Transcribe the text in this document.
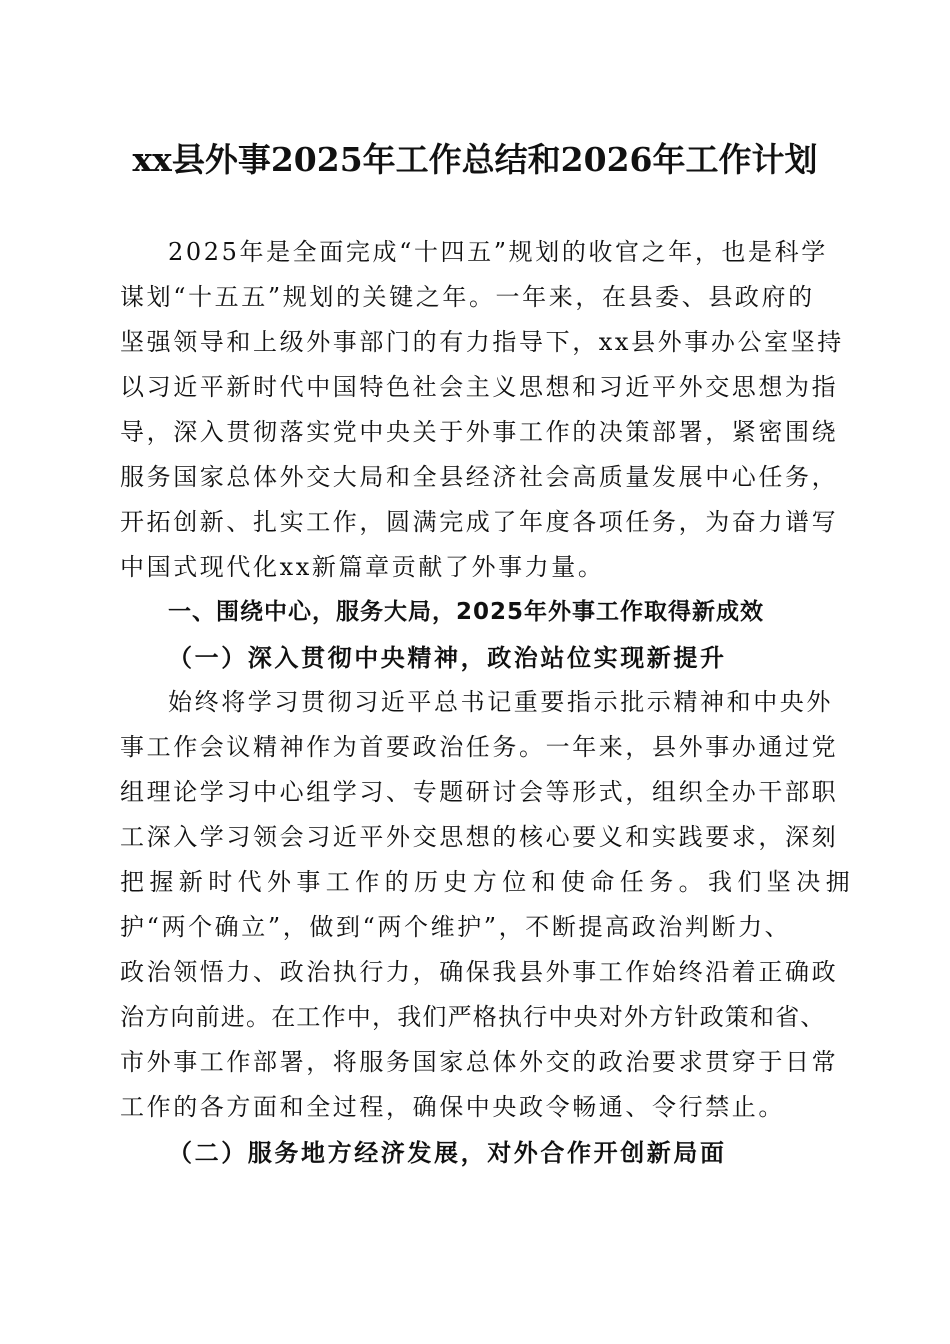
xx县外事2025年工作总结和2026年工作计划

2025年是全面完成“十四五”规划的收官之年，也是科学
谋划“十五五”规划的关键之年。一年来，在县委、县政府的
坚强领导和上级外事部门的有力指导下，xx县外事办公室坚持
以习近平新时代中国特色社会主义思想和习近平外交思想为指
导，深入贯彻落实党中央关于外事工作的决策部署，紧密围绕
服务国家总体外交大局和全县经济社会高质量发展中心任务，
开拓创新、扎实工作，圆满完成了年度各项任务，为奋力谱写
中国式现代化xx新篇章贡献了外事力量。

一、围绕中心，服务大局，2025年外事工作取得新成效

（一）深入贯彻中央精神，政治站位实现新提升

始终将学习贯彻习近平总书记重要指示批示精神和中央外
事工作会议精神作为首要政治任务。一年来，县外事办通过党
组理论学习中心组学习、专题研讨会等形式，组织全办干部职
工深入学习领会习近平外交思想的核心要义和实践要求，深刻
把握新时代外事工作的历史方位和使命任务。我们坚决拥
护“两个确立”，做到“两个维护”，不断提高政治判断力、
政治领悟力、政治执行力，确保我县外事工作始终沿着正确政
治方向前进。在工作中，我们严格执行中央对外方针政策和省、
市外事工作部署，将服务国家总体外交的政治要求贯穿于日常
工作的各方面和全过程，确保中央政令畅通、令行禁止。

（二）服务地方经济发展，对外合作开创新局面
